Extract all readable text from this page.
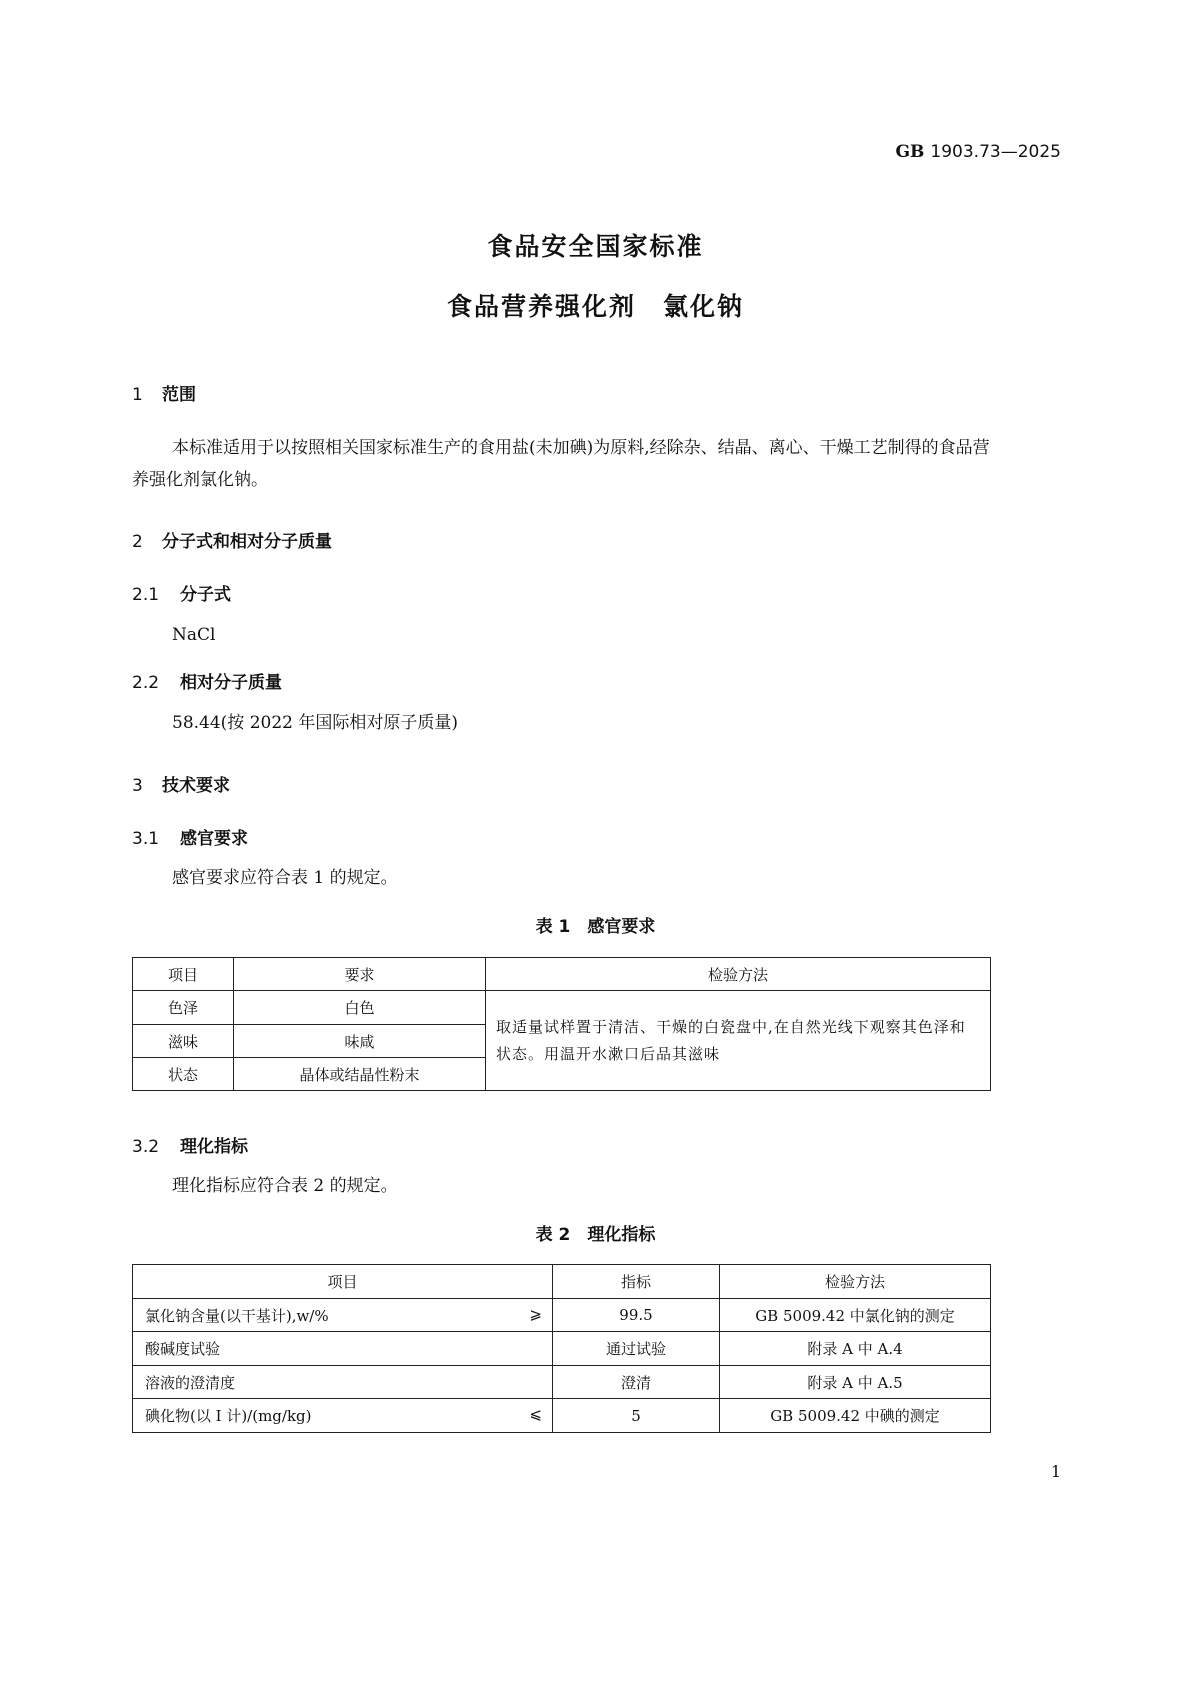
GB 1903.73—2025
食品安全国家标准
食品营养强化剂　氯化钠
1 范围
本标准适用于以按照相关国家标准生产的食用盐(未加碘)为原料,经除杂、结晶、离心、干燥工艺制得的食品营养强化剂氯化钠。
2 分子式和相对分子质量
2.1 分子式
NaCl
2.2 相对分子质量
58.44(按 2022 年国际相对原子质量)
3 技术要求
3.1 感官要求
感官要求应符合表 1 的规定。
表 1　感官要求
项目	要求	检验方法
色泽	白色	取适量试样置于清洁、干燥的白瓷盘中,在自然光线下观察其色泽和状态。用温开水漱口后品其滋味
滋味	味咸	
状态	晶体或结晶性粉末	
3.2 理化指标
理化指标应符合表 2 的规定。
表 2　理化指标
项目	指标	检验方法
氯化钠含量(以干基计),w/% ⩾	99.5	GB 5009.42 中氯化钠的测定
酸碱度试验	通过试验	附录 A 中 A.4
溶液的澄清度	澄清	附录 A 中 A.5
碘化物(以 I 计)/(mg/kg) ⩽	5	GB 5009.42 中碘的测定
1
